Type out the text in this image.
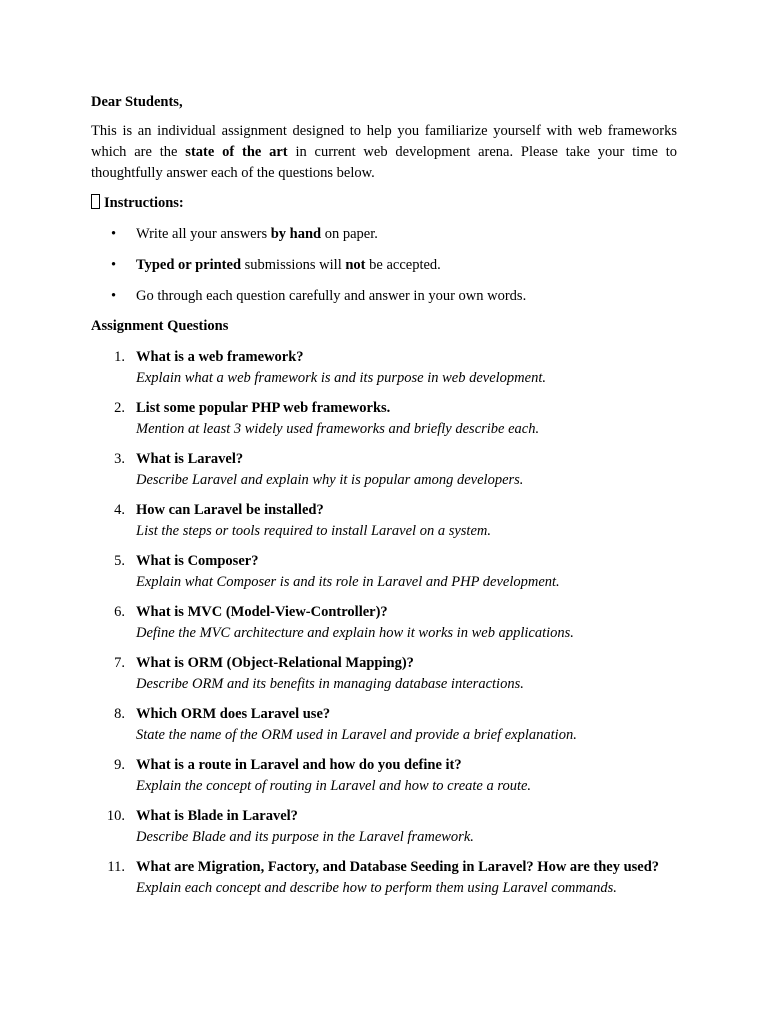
Dear Students,

This is an individual assignment designed to help you familiarize yourself with web frameworks which are the state of the art in current web development arena. Please take your time to thoughtfully answer each of the questions below.

Instructions:

• Write all your answers by hand on paper.
• Typed or printed submissions will not be accepted.
• Go through each question carefully and answer in your own words.

Assignment Questions

1. What is a web framework?
Explain what a web framework is and its purpose in web development.
2. List some popular PHP web frameworks.
Mention at least 3 widely used frameworks and briefly describe each.
3. What is Laravel?
Describe Laravel and explain why it is popular among developers.
4. How can Laravel be installed?
List the steps or tools required to install Laravel on a system.
5. What is Composer?
Explain what Composer is and its role in Laravel and PHP development.
6. What is MVC (Model-View-Controller)?
Define the MVC architecture and explain how it works in web applications.
7. What is ORM (Object-Relational Mapping)?
Describe ORM and its benefits in managing database interactions.
8. Which ORM does Laravel use?
State the name of the ORM used in Laravel and provide a brief explanation.
9. What is a route in Laravel and how do you define it?
Explain the concept of routing in Laravel and how to create a route.
10. What is Blade in Laravel?
Describe Blade and its purpose in the Laravel framework.
11. What are Migration, Factory, and Database Seeding in Laravel? How are they used?
Explain each concept and describe how to perform them using Laravel commands.
